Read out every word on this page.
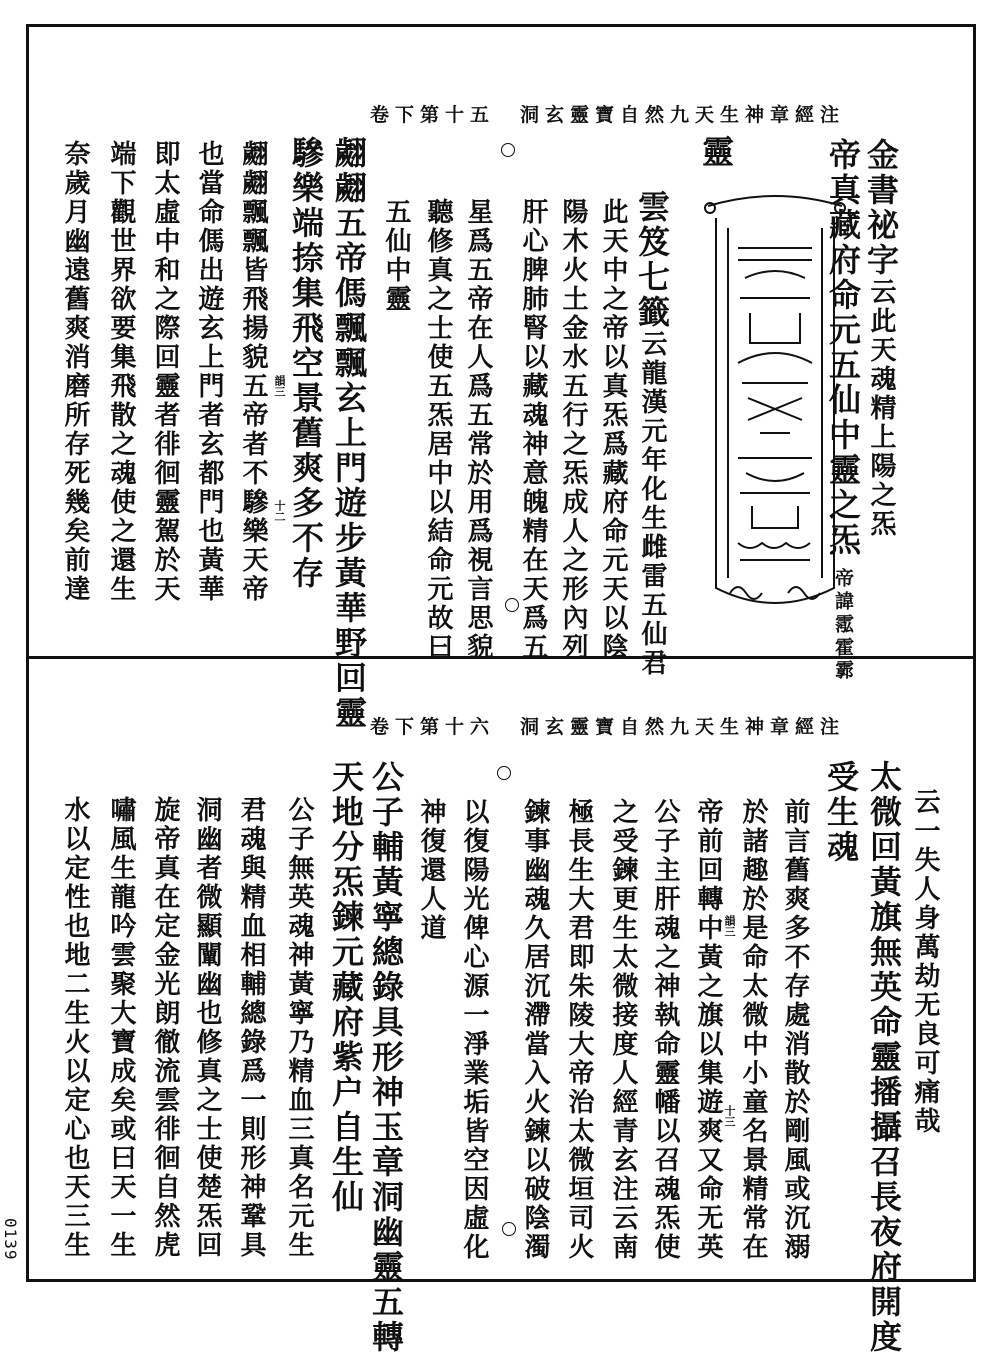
洞玄靈寶自然九天生神章經注
卷下第十五
靈	金書祕字云此天魂精上陽之炁
帝真藏府命元五仙中靈之炁帝諱霐霍霩
雲笈七籤云龍漢元年化生雌雷五仙君
此天中之帝以真炁爲藏府命元天以陰
陽木火土金水五行之炁成人之形內列
肝心脾肺腎以藏魂神意魄精在天爲五
星爲五帝在人爲五常於用爲視言思貌
聽修真之士使五炁居中以結命元故曰
五仙中靈
翽翽五帝傌飄飄玄上門遊步黃華野回靈
驂樂端捺集飛空景舊爽多不存
翽翽飄飄皆飛揚貌五帝者不驂樂天帝
也當命傌出遊玄上門者玄都門也黃華
即太虛中和之際回靈者徘徊靈駕於天
端下觀世界欲要集飛散之魂使之還生
奈歲月幽遠舊爽消磨所存死幾矣前達	韻三
十二
洞玄靈寶自然九天生神章經注
卷下第十六
云一失人身萬劫无良可痛哉
太微回黃旗無英命靈播攝召長夜府開度
受生魂
前言舊爽多不存處消散於剛風或沉溺
於諸趣於是命太微中小童名景精常在
帝前回轉中黃之旗以集遊爽又命无英
公子主肝魂之神執命靈幡以召魂炁使
之受鍊更生太微接度人經青玄注云南
極長生大君即朱陵大帝治太微垣司火
鍊事幽魂久居沉滯當入火鍊以破陰濁
以復陽光俾心源一淨業垢皆空因虛化
神復還人道
公子輔黃寧總錄具形神玉章洞幽靈五轉
天地分炁鍊元藏府紫户自生仙
公子無英魂神黃寧乃精血三真名元生
君魂與精血相輔總錄爲一則形神鞏具
洞幽者微顯闡幽也修真之士使楚炁回
旋帝真在定金光朗徹流雲徘徊自然虎
嘯風生龍吟雲聚大寶成矣或曰天一生
水以定性也地二生火以定心也天三生	韻三
十三
0139
